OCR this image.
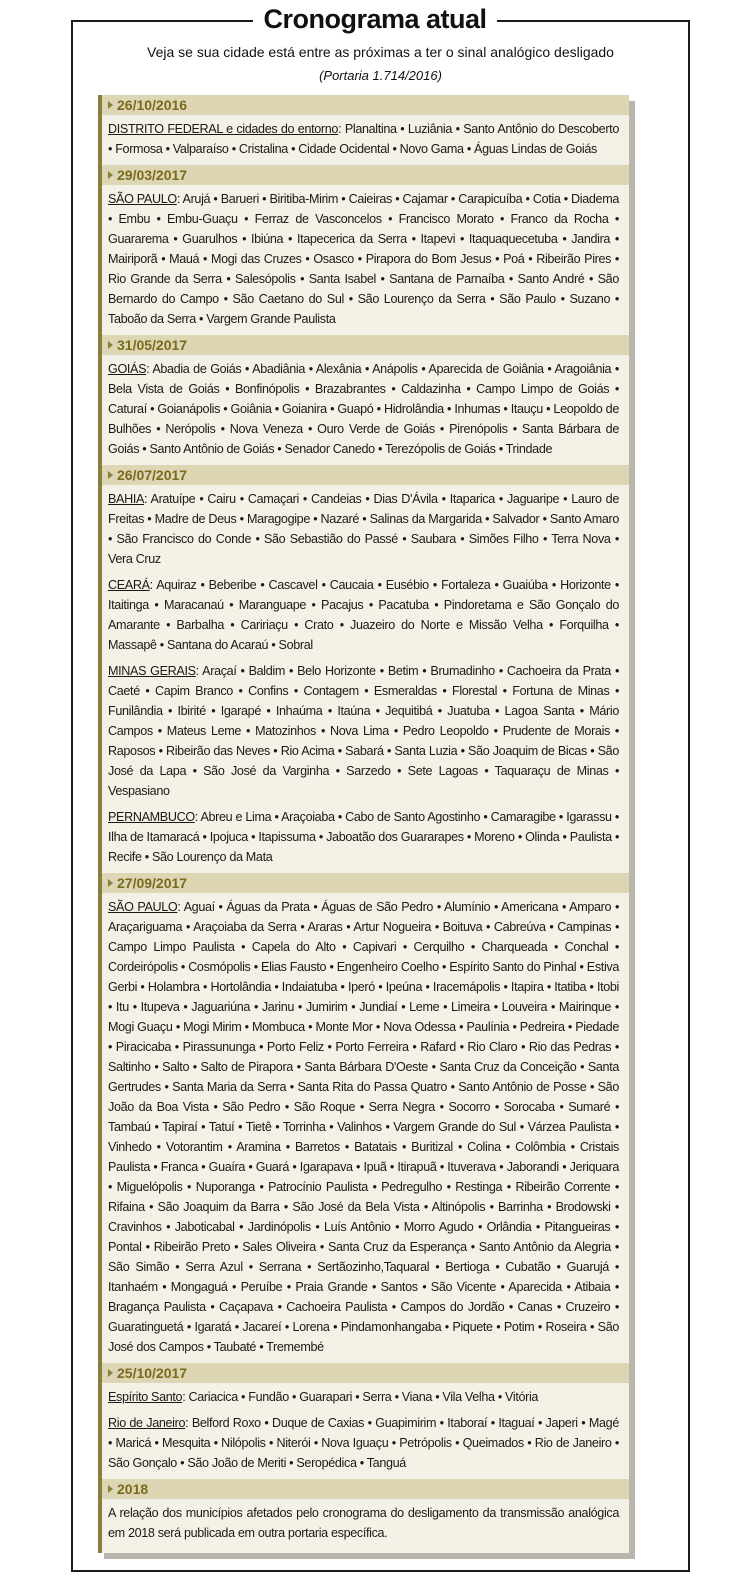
Cronograma atual
Veja se sua cidade está entre as próximas a ter o sinal analógico desligado
(Portaria 1.714/2016)
26/10/2016
DISTRITO FEDERAL e cidades do entorno: Planaltina • Luziânia • Santo Antônio do Descoberto • Formosa • Valparaíso • Cristalina • Cidade Ocidental • Novo Gama • Águas Lindas de Goiás
29/03/2017
SÃO PAULO: Arujá • Barueri • Biritiba-Mirim • Caieiras • Cajamar • Carapicuíba • Cotia • Diadema • Embu • Embu-Guaçu • Ferraz de Vasconcelos • Francisco Morato • Franco da Rocha • Guararema • Guarulhos • Ibiúna • Itapecerica da Serra • Itapevi • Itaquaquecetuba • Jandira • Mairiporã • Mauá • Mogi das Cruzes • Osasco • Pirapora do Bom Jesus • Poá • Ribeirão Pires • Rio Grande da Serra • Salesópolis • Santa Isabel • Santana de Parnaíba • Santo André • São Bernardo do Campo • São Caetano do Sul • São Lourenço da Serra • São Paulo • Suzano • Taboão da Serra • Vargem Grande Paulista
31/05/2017
GOIÁS: Abadia de Goiás • Abadiânia • Alexânia • Anápolis • Aparecida de Goiânia • Aragoiânia • Bela Vista de Goiás • Bonfinópolis • Brazabrantes • Caldazinha • Campo Limpo de Goiás • Caturaí • Goianápolis • Goiânia • Goianira • Guapó • Hidrolândia • Inhumas • Itauçu • Leopoldo de Bulhões • Nerópolis • Nova Veneza • Ouro Verde de Goiás • Pirenópolis • Santa Bárbara de Goiás • Santo Antônio de Goiás • Senador Canedo • Terezópolis de Goiás • Trindade
26/07/2017
BAHIA: Aratuípe • Cairu • Camaçari • Candeias • Dias D'Ávila • Itaparica • Jaguaripe • Lauro de Freitas • Madre de Deus • Maragogipe • Nazaré • Salinas da Margarida • Salvador • Santo Amaro • São Francisco do Conde • São Sebastião do Passé • Saubara • Simões Filho • Terra Nova • Vera Cruz
CEARÁ: Aquiraz • Beberibe • Cascavel • Caucaia • Eusébio • Fortaleza • Guaiúba • Horizonte • Itaitinga • Maracanaú • Maranguape • Pacajus • Pacatuba • Pindoretama e São Gonçalo do Amarante • Barbalha • Caririaçu • Crato • Juazeiro do Norte e Missão Velha • Forquilha • Massapê • Santana do Acaraú • Sobral
MINAS GERAIS: Araçaí • Baldim • Belo Horizonte • Betim • Brumadinho • Cachoeira da Prata • Caeté • Capim Branco • Confins • Contagem • Esmeraldas • Florestal • Fortuna de Minas • Funilândia • Ibirité • Igarapé • Inhaúma • Itaúna • Jequitibá • Juatuba • Lagoa Santa • Mário Campos • Mateus Leme • Matozinhos • Nova Lima • Pedro Leopoldo • Prudente de Morais • Raposos • Ribeirão das Neves • Rio Acima • Sabará • Santa Luzia • São Joaquim de Bicas • São José da Lapa • São José da Varginha • Sarzedo • Sete Lagoas • Taquaraçu de Minas • Vespasiano
PERNAMBUCO: Abreu e Lima • Araçoiaba • Cabo de Santo Agostinho • Camaragibe • Igarassu • Ilha de Itamaracá • Ipojuca • Itapissuma • Jaboatão dos Guararapes • Moreno • Olinda • Paulista • Recife • São Lourenço da Mata
27/09/2017
SÃO PAULO: Aguaí • Águas da Prata • Águas de São Pedro • Alumínio • Americana • Amparo • Araçariguama • Araçoiaba da Serra • Araras • Artur Nogueira • Boituva • Cabreúva • Campinas • Campo Limpo Paulista • Capela do Alto • Capivari • Cerquilho • Charqueada • Conchal • Cordeirópolis • Cosmópolis • Elias Fausto • Engenheiro Coelho • Espírito Santo do Pinhal • Estiva Gerbi • Holambra • Hortolândia • Indaiatuba • Iperó • Ipeúna • Iracemápolis • Itapira • Itatiba • Itobi • Itu • Itupeva • Jaguariúna • Jarinu • Jumirim • Jundiaí • Leme • Limeira • Louveira • Mairinque • Mogi Guaçu • Mogi Mirim • Mombuca • Monte Mor • Nova Odessa • Paulínia • Pedreira • Piedade • Piracicaba • Pirassununga • Porto Feliz • Porto Ferreira • Rafard • Rio Claro • Rio das Pedras • Saltinho • Salto • Salto de Pirapora • Santa Bárbara D'Oeste • Santa Cruz da Conceição • Santa Gertrudes • Santa Maria da Serra • Santa Rita do Passa Quatro • Santo Antônio de Posse • São João da Boa Vista • São Pedro • São Roque • Serra Negra • Socorro • Sorocaba • Sumaré • Tambaú • Tapiraí • Tatuí • Tietê • Torrinha • Valinhos • Vargem Grande do Sul • Várzea Paulista • Vinhedo • Votorantim • Aramina • Barretos • Batatais • Buritizal • Colina • Colômbia • Cristais Paulista • Franca • Guaíra • Guará • Igarapava • Ipuã • Itirapuã • Ituverava • Jaborandi • Jeriquara • Miguelópolis • Nuporanga • Patrocínio Paulista • Pedregulho • Restinga • Ribeirão Corrente • Rifaina • São Joaquim da Barra • São José da Bela Vista • Altinópolis • Barrinha • Brodowski • Cravinhos • Jaboticabal • Jardinópolis • Luís Antônio • Morro Agudo • Orlândia • Pitangueiras • Pontal • Ribeirão Preto • Sales Oliveira • Santa Cruz da Esperança • Santo Antônio da Alegria • São Simão • Serra Azul • Serrana • Sertãozinho,Taquaral • Bertioga • Cubatão • Guarujá • Itanhaém • Mongaguá • Peruíbe • Praia Grande • Santos • São Vicente • Aparecida • Atibaia • Bragança Paulista • Caçapava • Cachoeira Paulista • Campos do Jordão • Canas • Cruzeiro • Guaratinguetá • Igaratá • Jacareí • Lorena • Pindamonhangaba • Piquete • Potim • Roseira • São José dos Campos • Taubaté • Tremembé
25/10/2017
Espírito Santo: Cariacica • Fundão • Guarapari • Serra • Viana • Vila Velha • Vitória
Rio de Janeiro: Belford Roxo • Duque de Caxias • Guapimirim • Itaboraí • Itaguaí • Japeri • Magé • Maricá • Mesquita • Nilópolis • Niterói • Nova Iguaçu • Petrópolis • Queimados • Rio de Janeiro • São Gonçalo • São João de Meriti • Seropédica • Tanguá
2018
A relação dos municípios afetados pelo cronograma do desligamento da transmissão analógica em 2018 será publicada em outra portaria específica.
